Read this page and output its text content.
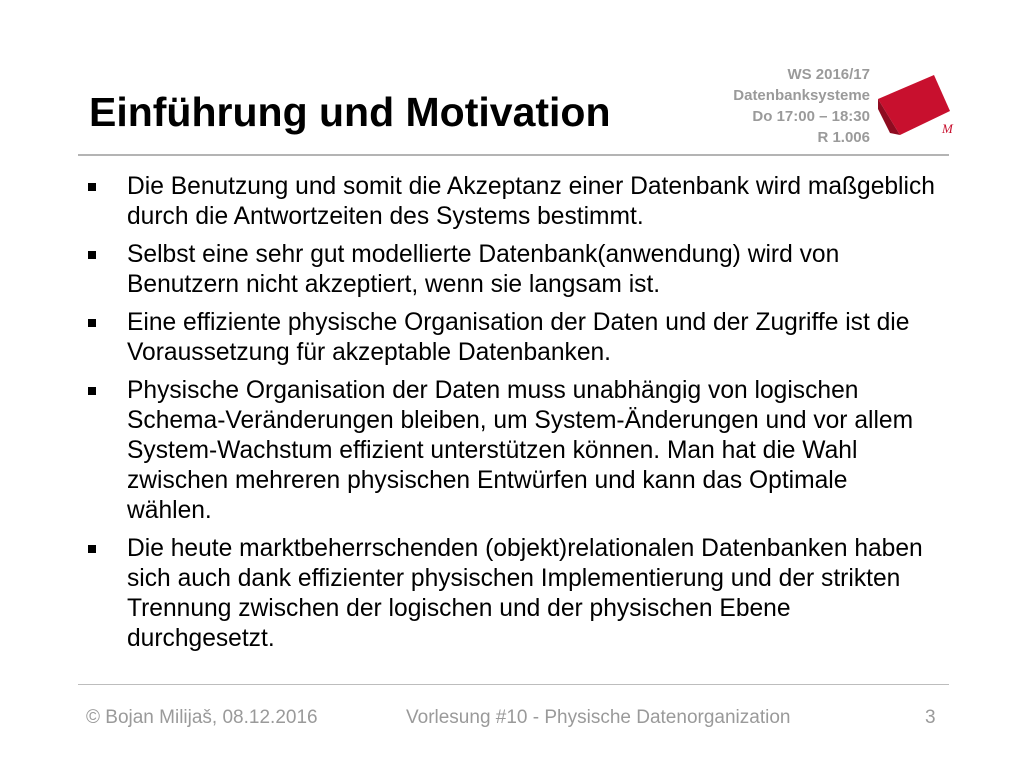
Einführung und Motivation
WS 2016/17
Datenbanksysteme
Do 17:00 – 18:30
R 1.006
M
Die Benutzung und somit die Akzeptanz einer Datenbank wird maßgeblich durch die Antwortzeiten des Systems bestimmt.
Selbst eine sehr gut modellierte Datenbank(anwendung) wird von Benutzern nicht akzeptiert, wenn sie langsam ist.
Eine effiziente physische Organisation der Daten und der Zugriffe ist die Voraussetzung für akzeptable Datenbanken.
Physische Organisation der Daten muss unabhängig von logischen Schema-Veränderungen bleiben, um System-Änderungen und vor allem System-Wachstum effizient unterstützen können. Man hat die Wahl zwischen mehreren physischen Entwürfen und kann das Optimale wählen.
Die heute marktbeherrschenden (objekt)relationalen Datenbanken haben sich auch dank effizienter physischen Implementierung und der strikten Trennung zwischen der logischen und der physischen Ebene durchgesetzt.
© Bojan Milijaš, 08.12.2016	Vorlesung #10 - Physische Datenorganization	3
